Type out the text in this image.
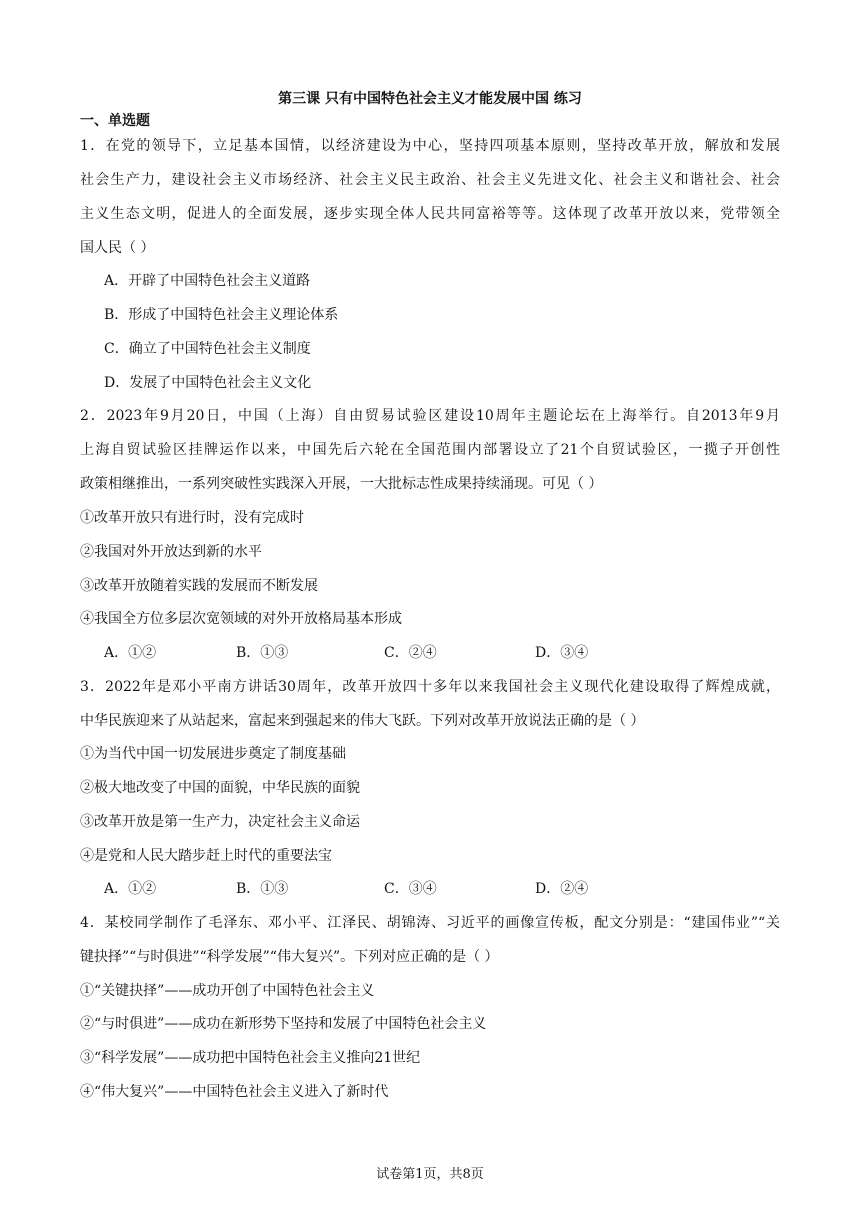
第三课 只有中国特色社会主义才能发展中国 练习
一、单选题
1．在党的领导下，立足基本国情，以经济建设为中心，坚持四项基本原则，坚持改革开放，解放和发展
社会生产力，建设社会主义市场经济、社会主义民主政治、社会主义先进文化、社会主义和谐社会、社会
主义生态文明，促进人的全面发展，逐步实现全体人民共同富裕等等。这体现了改革开放以来，党带领全
国人民（ ）
A．开辟了中国特色社会主义道路
B．形成了中国特色社会主义理论体系
C．确立了中国特色社会主义制度
D．发展了中国特色社会主义文化
2．2023年9月20日，中国（上海）自由贸易试验区建设10周年主题论坛在上海举行。自2013年9月
上海自贸试验区挂牌运作以来，中国先后六轮在全国范围内部署设立了21个自贸试验区，一揽子开创性
政策相继推出，一系列突破性实践深入开展，一大批标志性成果持续涌现。可见（ ）
①改革开放只有进行时，没有完成时
②我国对外开放达到新的水平
③改革开放随着实践的发展而不断发展
④我国全方位多层次宽领域的对外开放格局基本形成
A．①②	B．①③	C．②④	D．③④
3．2022年是邓小平南方讲话30周年，改革开放四十多年以来我国社会主义现代化建设取得了辉煌成就，
中华民族迎来了从站起来，富起来到强起来的伟大飞跃。下列对改革开放说法正确的是（ ）
①为当代中国一切发展进步奠定了制度基础
②极大地改变了中国的面貌，中华民族的面貌
③改革开放是第一生产力，决定社会主义命运
④是党和人民大踏步赶上时代的重要法宝
A．①②	B．①③	C．③④	D．②④
4．某校同学制作了毛泽东、邓小平、江泽民、胡锦涛、习近平的画像宣传板，配文分别是：“建国伟业”“关
键抉择”“与时俱进”“科学发展”“伟大复兴”。下列对应正确的是（ ）
①“关键抉择”——成功开创了中国特色社会主义
②“与时俱进”——成功在新形势下坚持和发展了中国特色社会主义
③“科学发展”——成功把中国特色社会主义推向21世纪
④“伟大复兴”——中国特色社会主义进入了新时代
试卷第1页，共8页
